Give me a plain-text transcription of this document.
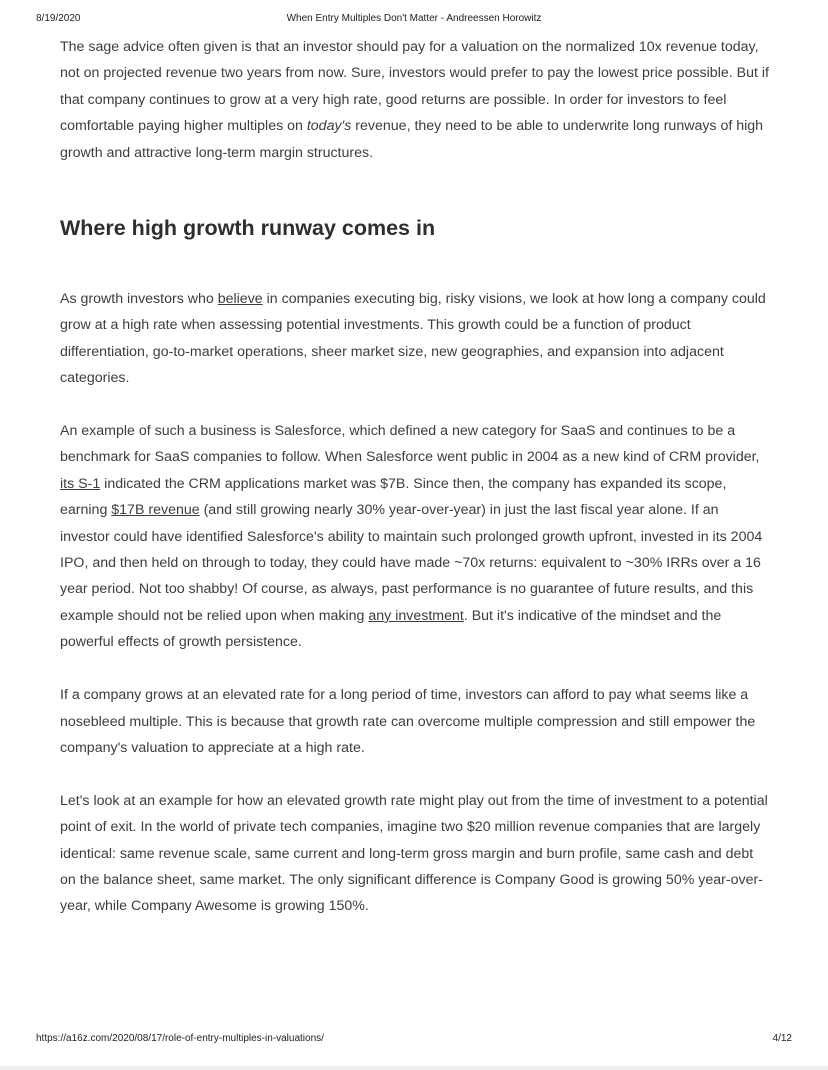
8/19/2020	When Entry Multiples Don't Matter - Andreessen Horowitz

The sage advice often given is that an investor should pay for a valuation on the normalized 10x revenue today, not on projected revenue two years from now. Sure, investors would prefer to pay the lowest price possible. But if that company continues to grow at a very high rate, good returns are possible. In order for investors to feel comfortable paying higher multiples on today's revenue, they need to be able to underwrite long runways of high growth and attractive long-term margin structures.

Where high growth runway comes in

As growth investors who believe in companies executing big, risky visions, we look at how long a company could grow at a high rate when assessing potential investments. This growth could be a function of product differentiation, go-to-market operations, sheer market size, new geographies, and expansion into adjacent categories.

An example of such a business is Salesforce, which defined a new category for SaaS and continues to be a benchmark for SaaS companies to follow. When Salesforce went public in 2004 as a new kind of CRM provider, its S-1 indicated the CRM applications market was $7B. Since then, the company has expanded its scope, earning $17B revenue (and still growing nearly 30% year-over-year) in just the last fiscal year alone. If an investor could have identified Salesforce's ability to maintain such prolonged growth upfront, invested in its 2004 IPO, and then held on through to today, they could have made ~70x returns: equivalent to ~30% IRRs over a 16 year period. Not too shabby! Of course, as always, past performance is no guarantee of future results, and this example should not be relied upon when making any investment. But it's indicative of the mindset and the powerful effects of growth persistence.

If a company grows at an elevated rate for a long period of time, investors can afford to pay what seems like a nosebleed multiple. This is because that growth rate can overcome multiple compression and still empower the company's valuation to appreciate at a high rate.

Let's look at an example for how an elevated growth rate might play out from the time of investment to a potential point of exit. In the world of private tech companies, imagine two $20 million revenue companies that are largely identical: same revenue scale, same current and long-term gross margin and burn profile, same cash and debt on the balance sheet, same market. The only significant difference is Company Good is growing 50% year-over-year, while Company Awesome is growing 150%.

https://a16z.com/2020/08/17/role-of-entry-multiples-in-valuations/	4/12
